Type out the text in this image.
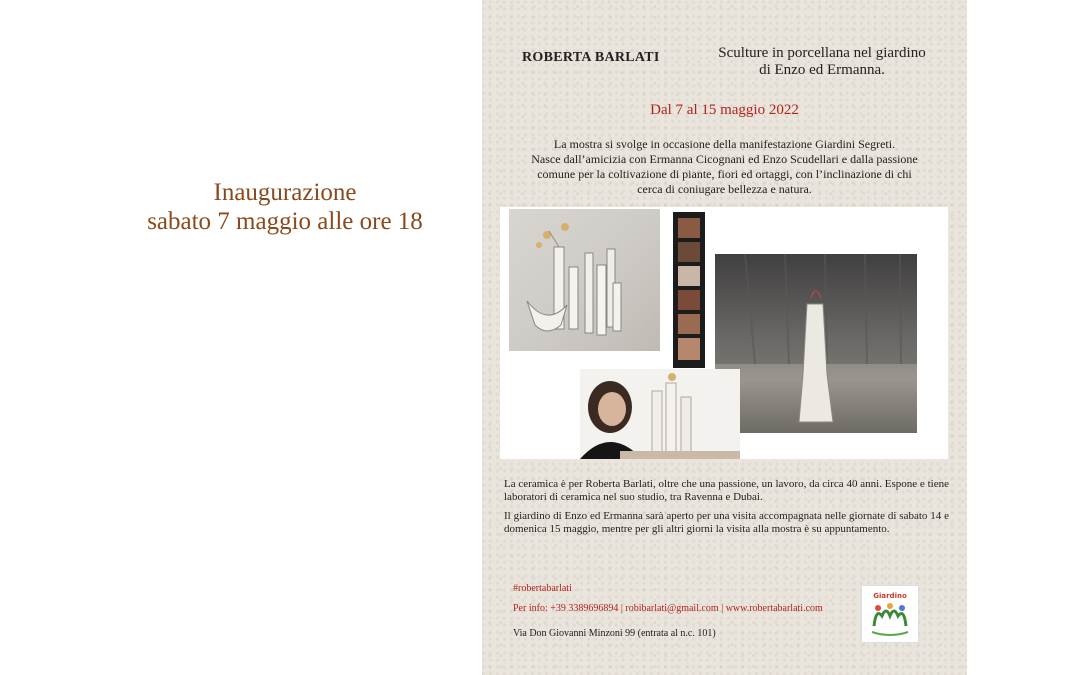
Inaugurazione
sabato 7 maggio alle ore 18
ROBERTA BARLATI	Sculture in porcellana nel giardino
di Enzo ed Ermanna.
Dal 7 al 15 maggio 2022
La mostra si svolge in occasione della manifestazione Giardini Segreti.
Nasce dall’amicizia con Ermanna Cicognani ed Enzo Scudellari e dalla passione
comune per la coltivazione di piante, fiori ed ortaggi, con l’inclinazione di chi
cerca di coniugare bellezza e natura.
La ceramica è per Roberta Barlati, oltre che una passione, un lavoro, da circa 40 anni. Espone e tiene laboratori di ceramica nel suo studio, tra Ravenna e Dubai.
Il giardino di Enzo ed Ermanna sarà aperto per una visita accompagnata nelle giornate di sabato 14 e domenica 15 maggio, mentre per gli altri giorni la visita alla mostra è su appuntamento.
#robertabarlati
Per info: +39 3389696894 | robibarlati@gmail.com | www.robertabarlati.com
Via Don Giovanni Minzoni 99 (entrata al n.c. 101)
Giardino
